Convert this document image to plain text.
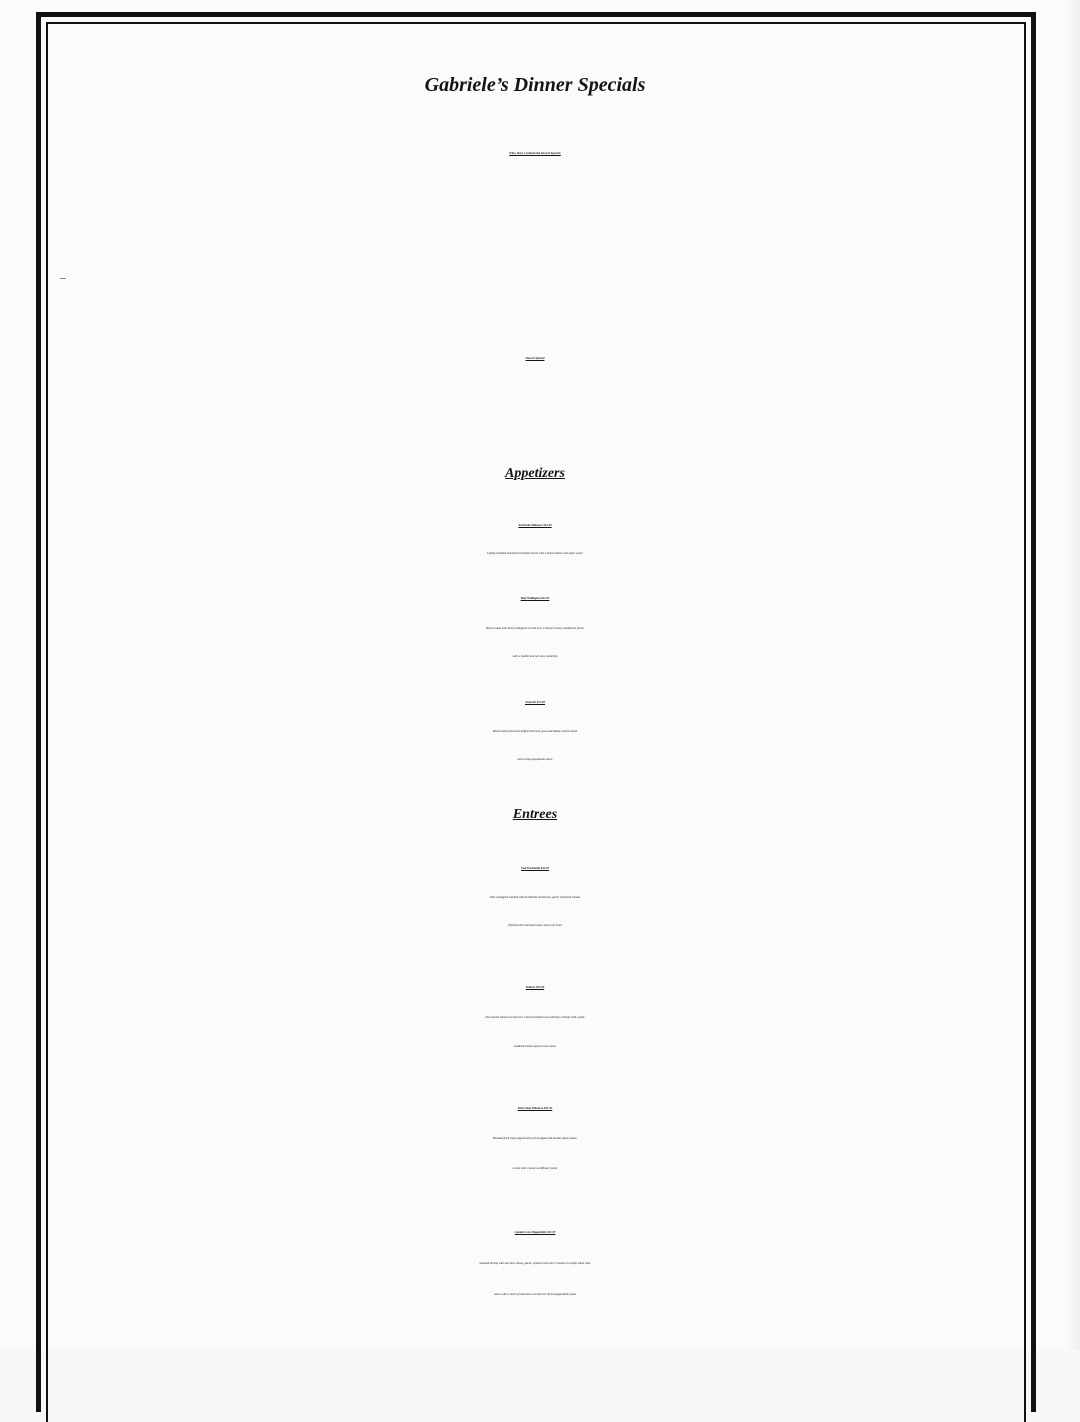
Gabriele’s Dinner Specials

Wine, Beer, Cocktail and Dessert Specials

Dessert Special

Appetizers

Artichoke Milanese $16.95

Lightly breaded and fried artichoke hearts with a lemon-butter and caper sauce

Beef Wellington $21.95

House made mini beef wellingtons served over a bed of creamy cauliflower puree

with a shallot and red wine reduction

Arancini $17.95

Risotto balls fried and stuffed with beef, peas and Italian cheese blend

with a pink gorgonzola sauce

Entrees

Veal Portobella $32.95

Veal scaloppini sautéed with portabella mushroom, garlic and fresh tomato

finished with marinara and a touch of cream

Salmon $35.95

Pan seared salmon served over a bed of sautéed orzo and bay scallops with a pink

sundried tomato pesto cream sauce

Pork Chop Milanese $31.95

Breaded pork chop topped with a fresh apple and brandy liquor glaze,

served with creamy cauliflower puree

Gamberi con Pappardelle $31.95

Sautéed shrimp with zucchini, onion, garlic, spinach and cherry tomato in a light white wine

sauce with a touch of marinara, served over fresh pappardelle pasta
